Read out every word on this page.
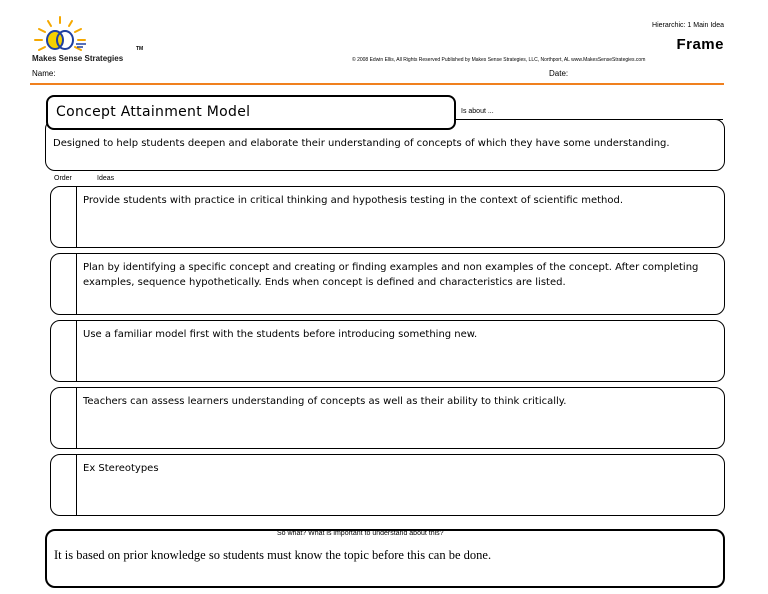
Makes Sense Strategies
TM
Hierarchic: 1 Main Idea
Frame
© 2008 Edwin Ellis, All Rights Reserved Published by Makes Sense Strategies, LLC, Northport, AL www.MakesSenseStrategies.com
Name:	Date:
Designed to help students deepen and elaborate their understanding of concepts of which they have some understanding.
Concept Attainment Model	Is about ...
Order	Ideas
Provide students with practice in critical thinking and hypothesis testing in the context of scientific method.
Plan by identifying a specific concept and creating or finding examples and non examples of the concept. After completing examples, sequence hypothetically. Ends when concept is defined and characteristics are listed.
Use a familiar model first with the students before introducing something new.
Teachers can assess learners understanding of concepts as well as their ability to think critically.
Ex Stereotypes
It is based on prior knowledge so students must know the topic before this can be done.
So what? What is important to understand about this?
